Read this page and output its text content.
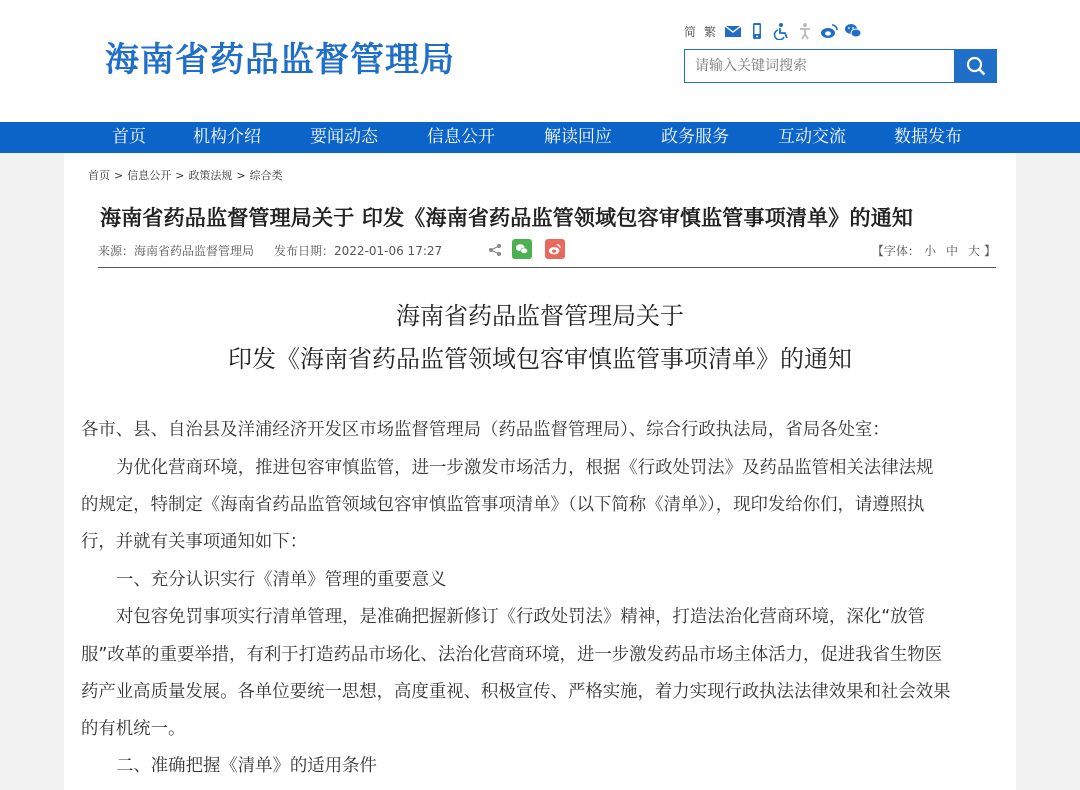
海南省药品监督管理局
简 繁
请输入关键词搜索
首页	机构介绍	要闻动态	信息公开	解读回应	政务服务	互动交流	数据发布
首页 > 信息公开 > 政策法规 > 综合类
海南省药品监督管理局关于 印发《海南省药品监管领域包容审慎监管事项清单》的通知
来源：海南省药品监督管理局 发布日期：2022-01-06 17:27	【字体： 小 中 大 】
海南省药品监督管理局关于
印发《海南省药品监管领域包容审慎监管事项清单》的通知
各市、县、自治县及洋浦经济开发区市场监督管理局（药品监督管理局）、综合行政执法局，省局各处室：
为优化营商环境，推进包容审慎监管，进一步激发市场活力，根据《行政处罚法》及药品监管相关法律法规
的规定，特制定《海南省药品监管领域包容审慎监管事项清单》（以下简称《清单》），现印发给你们，请遵照执
行，并就有关事项通知如下：
一、充分认识实行《清单》管理的重要意义
对包容免罚事项实行清单管理，是准确把握新修订《行政处罚法》精神，打造法治化营商环境，深化“放管
服”改革的重要举措，有利于打造药品市场化、法治化营商环境，进一步激发药品市场主体活力，促进我省生物医
药产业高质量发展。各单位要统一思想，高度重视、积极宣传、严格实施，着力实现行政执法法律效果和社会效果
的有机统一。
二、准确把握《清单》的适用条件
